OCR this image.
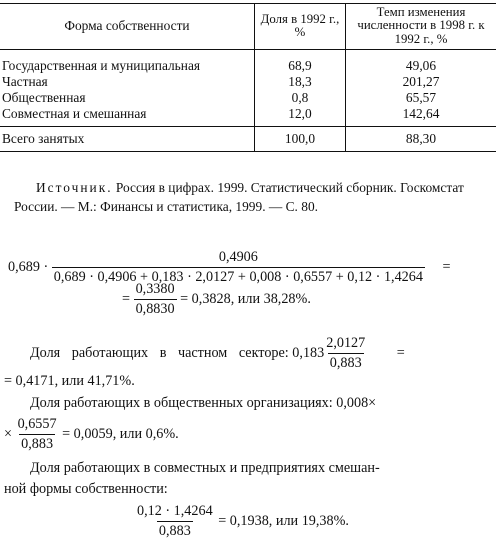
Форма собственности	Доля в 1992 г., %	Темп изменения численности в 1998 г. к 1992 г., %
Государственная и муниципальная	68,9	49,06
Частная	18,3	201,27
Общественная	0,8	65,57
Совместная и смешанная	12,0	142,64
Всего занятых	100,0	88,30
Источник. Россия в цифрах. 1999. Статистический сборник. Госкомстат России. — М.: Финансы и статистика, 1999. — С. 80.
0,689 ·
0,4906
0,689 · 0,4906 + 0,183 · 2,0127 + 0,008 · 0,6557 + 0,12 · 1,4264
=
= $\frac{0,3380}{0,8830} = 0,3828$, или 38,28%.
Доля работающих в частном секторе: $0,183 \frac{2,0127}{0,883}$ =
= 0,4171, или 41,71%.
Доля работающих в общественных организациях: 0,008×
× $\frac{0,6557}{0,883} = 0,0059$, или 0,6%.
Доля работающих в совместных и предприятиях смешан-
ной формы собственности:
$\frac{0,12 \cdot 1,4264}{0,883} = 0,1938$, или 19,38%.
